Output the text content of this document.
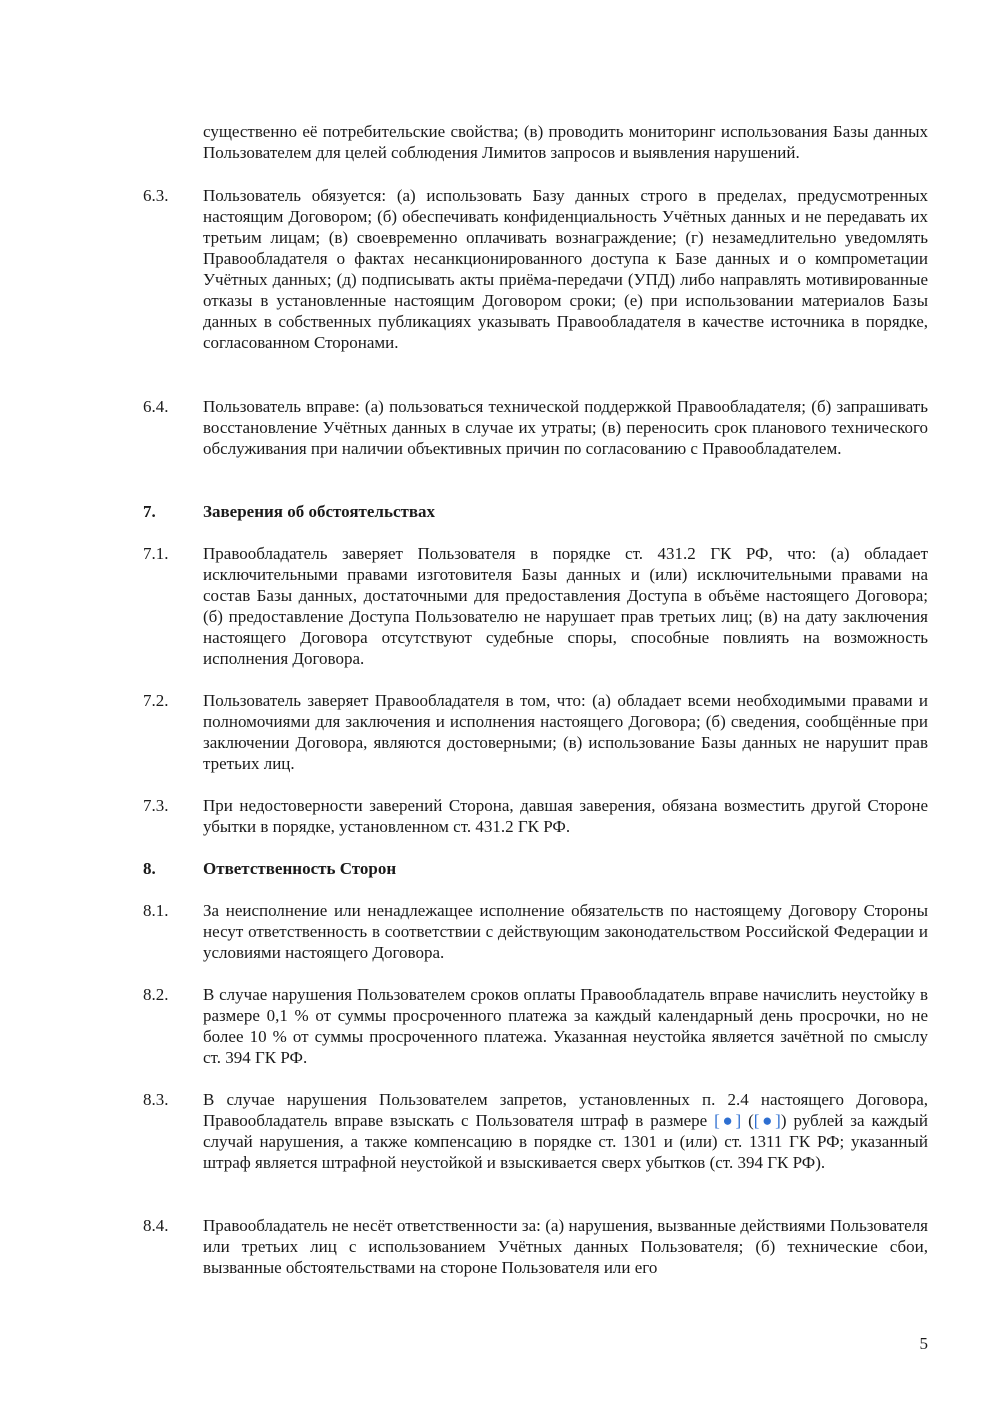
существенно её потребительские свойства; (в) проводить мониторинг использования Базы данных Пользователем для целей соблюдения Лимитов запросов и выявления нарушений.
6.3.	Пользователь обязуется: (а) использовать Базу данных строго в пределах, предусмотренных настоящим Договором; (б) обеспечивать конфиденциальность Учётных данных и не передавать их третьим лицам; (в) своевременно оплачивать вознаграждение; (г) незамедлительно уведомлять Правообладателя о фактах несанкционированного доступа к Базе данных и о компрометации Учётных данных; (д) подписывать акты приёма-передачи (УПД) либо направлять мотивированные отказы в установленные настоящим Договором сроки; (е) при использовании материалов Базы данных в собственных публикациях указывать Правообладателя в качестве источника в порядке, согласованном Сторонами.
6.4.	Пользователь вправе: (а) пользоваться технической поддержкой Правообладателя; (б) запрашивать восстановление Учётных данных в случае их утраты; (в) переносить срок планового технического обслуживания при наличии объективных причин по согласованию с Правообладателем.
7.	Заверения об обстоятельствах
7.1.	Правообладатель заверяет Пользователя в порядке ст. 431.2 ГК РФ, что: (а) обладает исключительными правами изготовителя Базы данных и (или) исключительными правами на состав Базы данных, достаточными для предоставления Доступа в объёме настоящего Договора; (б) предоставление Доступа Пользователю не нарушает прав третьих лиц; (в) на дату заключения настоящего Договора отсутствуют судебные споры, способные повлиять на возможность исполнения Договора.
7.2.	Пользователь заверяет Правообладателя в том, что: (а) обладает всеми необходимыми правами и полномочиями для заключения и исполнения настоящего Договора; (б) сведения, сообщённые при заключении Договора, являются достоверными; (в) использование Базы данных не нарушит прав третьих лиц.
7.3.	При недостоверности заверений Сторона, давшая заверения, обязана возместить другой Стороне убытки в порядке, установленном ст. 431.2 ГК РФ.
8.	Ответственность Сторон
8.1.	За неисполнение или ненадлежащее исполнение обязательств по настоящему Договору Стороны несут ответственность в соответствии с действующим законодательством Российской Федерации и условиями настоящего Договора.
8.2.	В случае нарушения Пользователем сроков оплаты Правообладатель вправе начислить неустойку в размере 0,1 % от суммы просроченного платежа за каждый календарный день просрочки, но не более 10 % от суммы просроченного платежа. Указанная неустойка является зачётной по смыслу ст. 394 ГК РФ.
8.3.	В случае нарушения Пользователем запретов, установленных п. 2.4 настоящего Договора, Правообладатель вправе взыскать с Пользователя штраф в размере [●] ([●]) рублей за каждый случай нарушения, а также компенсацию в порядке ст. 1301 и (или) ст. 1311 ГК РФ; указанный штраф является штрафной неустойкой и взыскивается сверх убытков (ст. 394 ГК РФ).
8.4.	Правообладатель не несёт ответственности за: (а) нарушения, вызванные действиями Пользователя или третьих лиц с использованием Учётных данных Пользователя; (б) технические сбои, вызванные обстоятельствами на стороне Пользователя или его
5
